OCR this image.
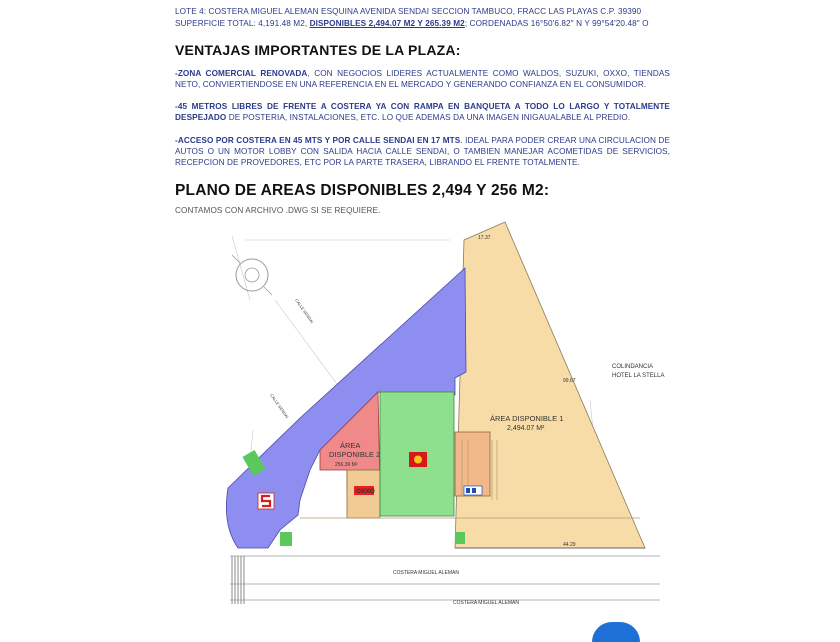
LOTE 4: COSTERA MIGUEL ALEMAN ESQUINA AVENIDA SENDAI SECCION TAMBUCO, FRACC LAS PLAYAS C.P. 39390
SUPERFICIE TOTAL: 4,191.48 M2, DISPONIBLES 2,494.07 M2 Y 265.39 M2; CORDENADAS 16°50'6.82" N Y 99°54'20.48" O
VENTAJAS IMPORTANTES DE LA PLAZA:
-ZONA COMERCIAL RENOVADA, CON NEGOCIOS LIDERES ACTUALMENTE COMO WALDOS, SUZUKI, OXXO, TIENDAS NETO, CONVIERTIENDOSE EN UNA REFERENCIA EN EL MERCADO Y GENERANDO CONFIANZA EN EL CONSUMIDOR.
-45 METROS LIBRES DE FRENTE A COSTERA YA CON RAMPA EN BANQUETA A TODO LO LARGO Y TOTALMENTE DESPEJADO DE POSTERIA, INSTALACIONES, ETC. LO QUE ADEMAS DA UNA IMAGEN INIGAUALABLE AL PREDIO.
-ACCESO POR COSTERA EN 45 MTS Y POR CALLE SENDAI EN 17 MTS. IDEAL PARA PODER CREAR UNA CIRCULACION DE AUTOS O UN MOTOR LOBBY CON SALIDA HACIA CALLE SENDAI, O TAMBIEN MANEJAR ACOMETIDAS DE SERVICIOS, RECEPCION DE PROVEDORES, ETC POR LA PARTE TRASERA, LIBRANDO EL FRENTE TOTALMENTE.
PLANO DE AREAS DISPONIBLES 2,494 Y 256 M2:
CONTAMOS CON ARCHIVO .DWG SI SE REQUIERE.
CALLE SENDAI
CALLE SENDAI
44.29
17.37
99.67
COSTERA MIGUEL ALEMAN
COSTERA MIGUEL ALEMAN
COLINDANCIA
HOTEL LA STELLA
ÁREA DISPONIBLE 1
2,494.07 M²
ÁREA
DISPONIBLE 2
256.39 M²
OXXO
